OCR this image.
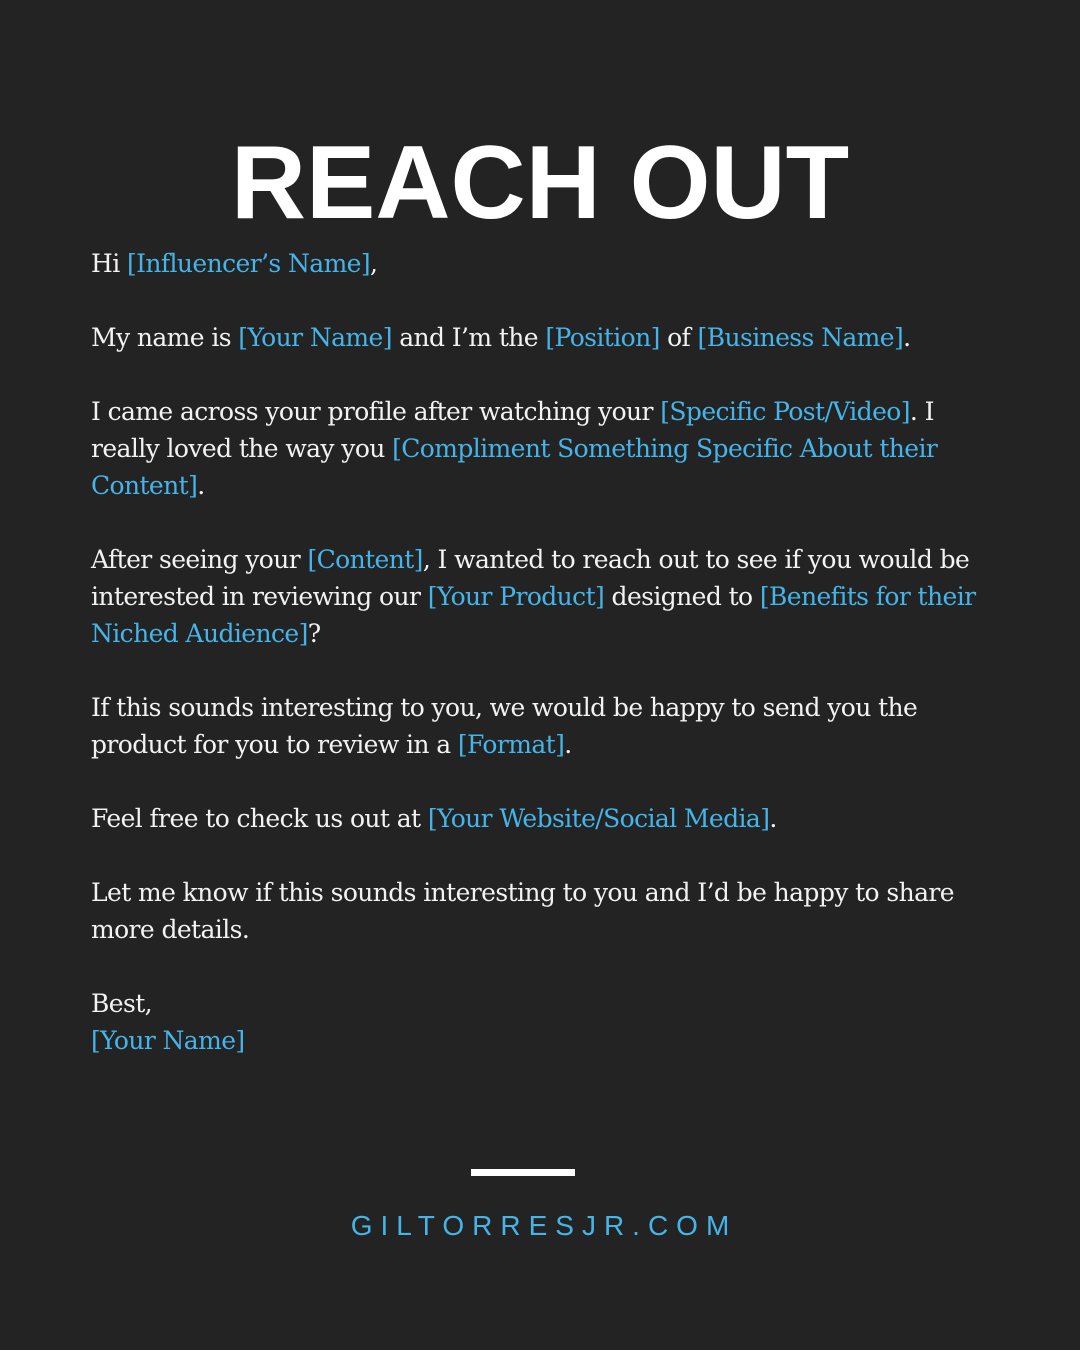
REACH OUT

Hi [Influencer’s Name],

My name is [Your Name] and I’m the [Position] of [Business Name].

I came across your profile after watching your [Specific Post/Video]. I really loved the way you [Compliment Something Specific About their Content].

After seeing your [Content], I wanted to reach out to see if you would be interested in reviewing our [Your Product] designed to [Benefits for their Niched Audience]?

If this sounds interesting to you, we would be happy to send you the product for you to review in a [Format].

Feel free to check us out at [Your Website/Social Media].

Let me know if this sounds interesting to you and I’d be happy to share more details.

Best,
[Your Name]

GILTORRESJR.COM
